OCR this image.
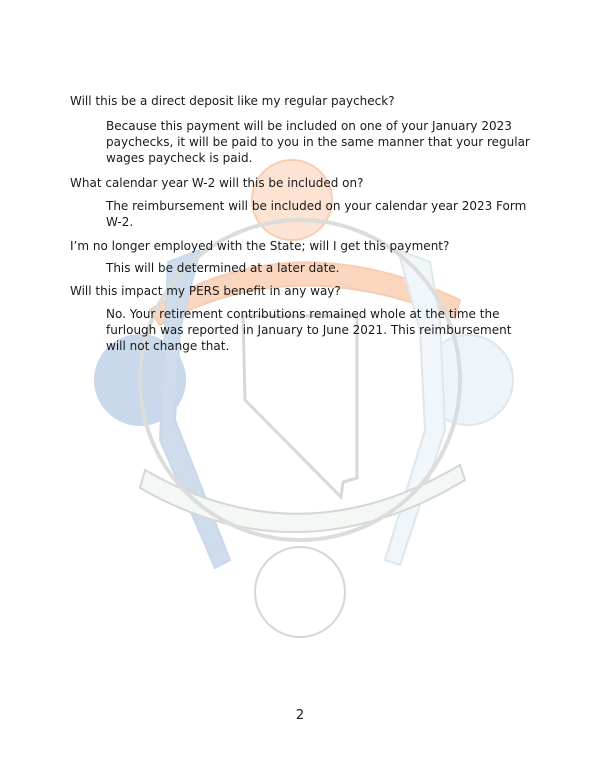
Will this be a direct deposit like my regular paycheck?
Because this payment will be included on one of your January 2023
paychecks, it will be paid to you in the same manner that your regular
wages paycheck is paid.
What calendar year W-2 will this be included on?
The reimbursement will be included on your calendar year 2023 Form
W-2.
I’m no longer employed with the State; will I get this payment?
This will be determined at a later date.
Will this impact my PERS benefit in any way?
No. Your retirement contributions remained whole at the time the
furlough was reported in January to June 2021. This reimbursement
will not change that.
2
